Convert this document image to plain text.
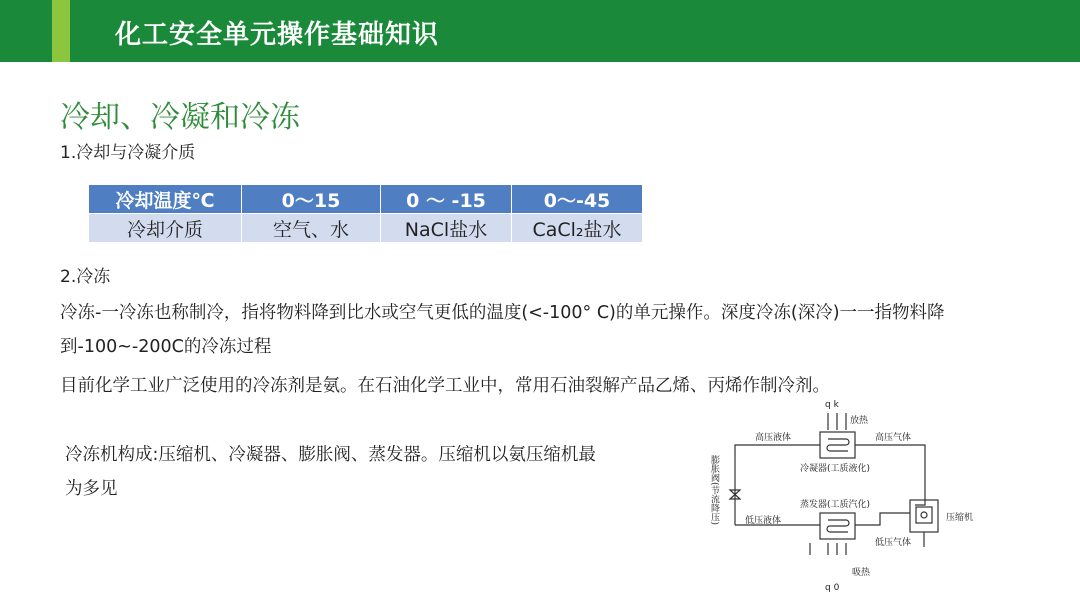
化工安全单元操作基础知识
冷却、冷凝和冷冻
1.冷却与冷凝介质
冷却温度℃	0～15	0 ～ -15	0～-45
冷却介质	空气、水	NaCl盐水	CaCl₂盐水
2.冷冻
冷冻-一冷冻也称制冷，指将物料降到比水或空气更低的温度(<-100° C)的单元操作。深度冷冻(深冷)一一指物料降到-100~-200C的冷冻过程
目前化学工业广泛使用的冷冻剂是氨。在石油化学工业中，常用石油裂解产品乙烯、丙烯作制冷剂。
冷冻机构成:压缩机、冷凝器、膨胀阀、蒸发器。压缩机以氨压缩机最为多见
q k
放热
高压液体	高压气体
冷凝器(工质液化)
蒸发器(工质汽化)
低压液体
低压气体
压缩机
吸热
q 0
膨胀阀(节流降压)
